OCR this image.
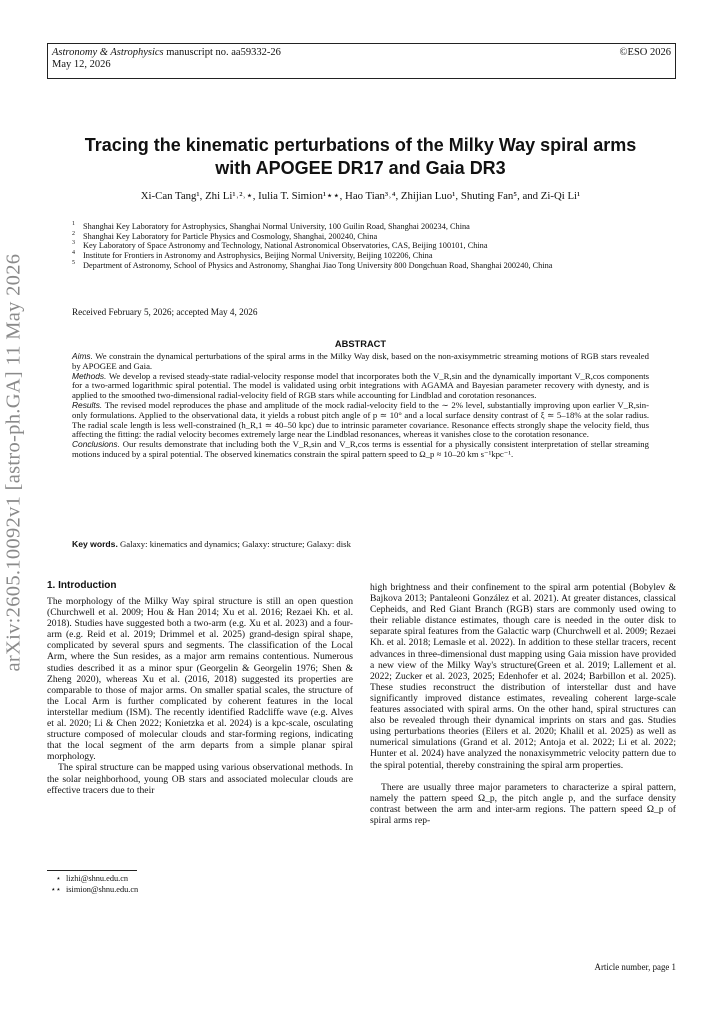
arXiv:2605.10092v1 [astro-ph.GA] 11 May 2026
Astronomy & Astrophysics manuscript no. aa59332-26
May 12, 2026
©ESO 2026
Tracing the kinematic perturbations of the Milky Way spiral arms
with APOGEE DR17 and Gaia DR3
Xi-Can Tang¹, Zhi Li¹˒²˒⋆, Iulia T. Simion¹⋆⋆, Hao Tian³˒⁴, Zhijian Luo¹, Shuting Fan⁵, and Zi-Qi Li¹
1 Shanghai Key Laboratory for Astrophysics, Shanghai Normal University, 100 Guilin Road, Shanghai 200234, China
2 Shanghai Key Laboratory for Particle Physics and Cosmology, Shanghai, 200240, China
3 Key Laboratory of Space Astronomy and Technology, National Astronomical Observatories, CAS, Beijing 100101, China
4 Institute for Frontiers in Astronomy and Astrophysics, Beijing Normal University, Beijing 102206, China
5 Department of Astronomy, School of Physics and Astronomy, Shanghai Jiao Tong University 800 Dongchuan Road, Shanghai 200240, China
Received February 5, 2026; accepted May 4, 2026
ABSTRACT

Aims. We constrain the dynamical perturbations of the spiral arms in the Milky Way disk, based on the non-axisymmetric streaming motions of RGB stars revealed by APOGEE and Gaia.

Methods. We develop a revised steady-state radial-velocity response model that incorporates both the V_R,sin and the dynamically important V_R,cos components for a two-armed logarithmic spiral potential. The model is validated using orbit integrations with AGAMA and Bayesian parameter recovery with dynesty, and is applied to the smoothed two-dimensional radial-velocity field of RGB stars while accounting for Lindblad and corotation resonances.

Results. The revised model reproduces the phase and amplitude of the mock radial-velocity field to the ∼ 2% level, substantially improving upon earlier V_R,sin-only formulations. Applied to the observational data, it yields a robust pitch angle of p ≃ 10° and a local surface density contrast of ξ ≃ 5–18% at the solar radius. The radial scale length is less well-constrained (h_R,1 ≃ 40–50 kpc) due to intrinsic parameter covariance. Resonance effects strongly shape the velocity field, thus affecting the fitting: the radial velocity becomes extremely large near the Lindblad resonances, whereas it vanishes close to the corotation resonance.

Conclusions. Our results demonstrate that including both the V_R,sin and V_R,cos terms is essential for a physically consistent interpretation of stellar streaming motions induced by a spiral potential. The observed kinematics constrain the spiral pattern speed to Ω_p ≈ 10–20 km s⁻¹kpc⁻¹.

Key words. Galaxy: kinematics and dynamics; Galaxy: structure; Galaxy: disk
1. Introduction

The morphology of the Milky Way spiral structure is still an open question (Churchwell et al. 2009; Hou & Han 2014; Xu et al. 2016; Rezaei Kh. et al. 2018). Studies have suggested both a two-arm (e.g. Xu et al. 2023) and a four-arm (e.g. Reid et al. 2019; Drimmel et al. 2025) grand-design spiral shape, complicated by several spurs and segments. The classification of the Local Arm, where the Sun resides, as a major arm remains contentious. Numerous studies described it as a minor spur (Georgelin & Georgelin 1976; Shen & Zheng 2020), whereas Xu et al. (2016, 2018) suggested its properties are comparable to those of major arms. On smaller spatial scales, the structure of the Local Arm is further complicated by coherent features in the local interstellar medium (ISM). The recently identified Radcliffe wave (e.g. Alves et al. 2020; Li & Chen 2022; Konietzka et al. 2024) is a kpc-scale, osculating structure composed of molecular clouds and star-forming regions, indicating that the local segment of the arm departs from a simple planar spiral morphology.

The spiral structure can be mapped using various observational methods. In the solar neighborhood, young OB stars and associated molecular clouds are effective tracers due to their

high brightness and their confinement to the spiral arm potential (Bobylev & Bajkova 2013; Pantaleoni González et al. 2021). At greater distances, classical Cepheids, and Red Giant Branch (RGB) stars are commonly used owing to their reliable distance estimates, though care is needed in the outer disk to separate spiral features from the Galactic warp (Churchwell et al. 2009; Rezaei Kh. et al. 2018; Lemasle et al. 2022). In addition to these stellar tracers, recent advances in three-dimensional dust mapping using Gaia mission have provided a new view of the Milky Way's structure(Green et al. 2019; Lallement et al. 2022; Zucker et al. 2023, 2025; Edenhofer et al. 2024; Barbillon et al. 2025). These studies reconstruct the distribution of interstellar dust and have significantly improved distance estimates, revealing coherent large-scale features associated with spiral arms. On the other hand, spiral structures can also be revealed through their dynamical imprints on stars and gas. Studies using perturbations theories (Eilers et al. 2020; Khalil et al. 2025) as well as numerical simulations (Grand et al. 2012; Antoja et al. 2022; Li et al. 2022; Hunter et al. 2024) have analyzed the nonaxisymmetric velocity pattern due to the spiral potential, thereby constraining the spiral arm properties.

There are usually three major parameters to characterize a spiral pattern, namely the pattern speed Ω_p, the pitch angle p, and the surface density contrast between the arm and inter-arm regions. The pattern speed Ω_p of spiral arms rep-

⋆ lizhi@shnu.edu.cn
⋆⋆ isimion@shnu.edu.cn
Article number, page 1
